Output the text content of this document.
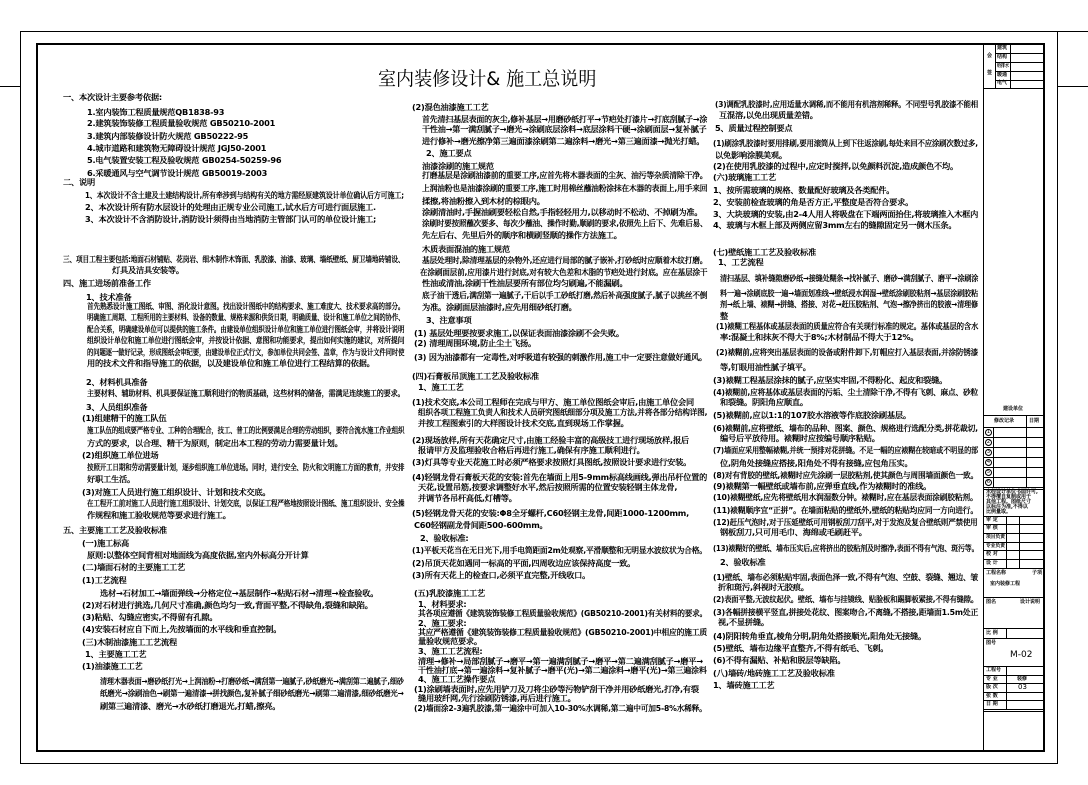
室内装修设计& 施工总说明
一、本次设计主要参考依据:
1.室内装饰工程质量规范QB1838-93
2.建筑装饰装修工程质量验收规范 GB50210-2001
3.建筑内部装修设计防火规范 GB50222-95
4.城市道路和建筑物无障碍设计规范 JGJ50-2001
5.电气装置安装工程及验收规范 GB0254-50259-96
6.采暖通风与空气调节设计规范 GB50019-2003
二、说明
1、本次设计不含土建及土建结构设计,所有牵涉到与结构有关的地方需经原建筑设计单位确认后方可施工;
2、本次设计所有防水层设计的处理由正规专业公司施工,试水后方可进行面层施工.
3、本次设计不含消防设计,消防设计须得由当地消防主管部门认可的单位设计施工;
三、项目工程主要包括:地面石材铺贴、花岗岩、细木制作木饰面、乳胶漆、油漆、玻璃、墙纸壁纸、厨卫墙地砖铺设、
灯具及洁具安装等。
四、施工进场前准备工作
1、技术准备
首先熟悉设计施工图纸、审图、消化设计意图。找出设计图纸中的结构要求、施工难度大、技术要求高的部分。
明确施工周期、工程所用的主要材料、设备的数量、规格来源和供货日期，明确质量、设计和施工单位之间的协作、
配合关系，明确建设单位可以提供的施工条件。由建设单位组织设计单位和施工单位进行图纸会审，并将设计说明
组织设计单位和施工单位进行图纸会审，并按设计依据、意图和功能要求，提出如何实施的建议，对所提问
的问题逐一做好记录，形成图纸会审纪要，由建设单位正式行文，参加单位共同会签、盖章，作为与设计文件同时使
用的技术文件和指导施工的依据，以及建设单位和施工单位进行工程结算的依据。
2、材料机具准备
主要材料、辅助材料、机具要保证施工顺利进行的物质基础，这些材料的储备，需满足连续施工的要求。
3、人员组织准备
(1)组建精干的施工队伍
施工队伍的组成要严格专业、工种的合理配合，技工、普工的比例要满足合理的劳动组织，要符合流水施工作业组织
方式的要求，以合理、精干为原则，制定出本工程的劳动力需要量计划。
(2)组织施工单位进场
按照开工日期和劳动需要量计划，逐步组织施工单位进场。同时，进行安全、防火和文明施工方面的教育，并安排
好职工生活。
(3)对施工人员进行施工组织设计、计划和技术交底。
在工程开工前对施工人员进行施工组织设计、计划交底，以保证工程严格地按照设计图纸、施工组织设计、安全操
作规程和施工验收规范等要求进行施工。
五、主要施工工艺及验收标准
(一)施工标高
原则:以整体空间背相对地面线为高度依据,室内外标高分开计算
(二)墙面石材的主要施工工艺
(1)工艺流程
选材→石材加工→墙面弹线→分格定位→基层制作→粘贴石材→清理→检查验收。
(2)对石材进行挑选,几何尺寸准确,颜色均匀一致,背面平整,不得缺角,裂缝和缺陷。
(3)粘贴、勾缝应密实,不得留有孔隙。
(4)安装石材应自下而上,先按墙面的水平线和垂直控制。
(三)木制油漆施工工艺流程
1、主要施工工艺
(1)油漆施工工艺
清理木器表面→磨砂纸打光→上润油粉→打磨砂纸→满刮第一遍腻子,砂纸磨光→满刮第二遍腻子,细砂
纸磨光→涂刷油色→刷第一遍清漆→拼找颜色,复补腻子细砂纸磨光→刷第二遍清漆,细砂纸磨光→
刷第三遍清漆、磨光→水砂纸打磨退光,打蜡,擦亮。
(2)混色油漆施工工艺
首先清扫基层表面的灰尘,修补基层→用磨砂纸打平→节疤处打漆片→打底刮腻子→涂
干性油→第一满刮腻子→磨光→涂刷底层涂料→底层涂料干硬→涂刷面层→复补腻子
进行修补→磨光擦净第三遍面漆涂刷第二遍涂料→磨光→第三遍面漆→抛光打蜡。
2、施工要点
油漆涂刷的施工规范
打磨基层是涂刷油漆前的重要工序,应首先将木器表面的尘灰、油污等杂质清除干净。
上润油粉也是油漆涂刷的重要工序,施工时用棉丝蘸油粉涂抹在木器的表面上,用手来回
揉擦,将油粉擦入到木材的棕眼内。
涂刷清油时,手握油刷要轻松自然,手指轻轻用力,以移动时不松动、不掉刷为准。
涂刷时要按照蘸次要多、每次少蘸油、操作时勤,顺刷的要求,依照先上后下、先难后易、
先左后右、先里后外的顺序和横刷竖顺的操作方法施工。
木质表面混油的施工规范
基层处理时,除清理基层的杂物外,还应进行局部的腻子嵌补,打砂纸时应顺着木纹打磨。
在涂刷面层前,应用漆片进行封底,对有较大色差和木脂的节疤处进行封底。应在基层涂干
性油或清油,涂刷干性油层要所有部位均匀刷遍,不能漏刷。
底子油干透后,满刮第一遍腻子,干后以手工砂纸打磨,然后补高强度腻子,腻子以挑丝不倒
为准。涂刷面层油漆时,应先用细砂纸打磨。
3、注意事项
(1) 基层处理要按要求施工,以保证表面油漆涂刷不会失败。
(2) 清理周围环境,防止尘土飞扬。
(3) 因为油漆都有一定毒性,对呼吸道有较强的刺激作用,施工中一定要注意做好通风。
(四)石膏板吊顶施工工艺及验收标准
1、施工工艺
(1)技术交底,本公司工程师在完成与甲方、施工单位图纸会审后,由施工单位会同
组织各项工程施工负责人和技术人员研究图纸细部分项及施工方法,并将各部分结构详图,
并按工程图索引的大样图设计技术交底,直到现场工作掌握。
(2)现场放样,所有天花确定尺寸,由施工经验丰富的高级技工进行现场放样,报后
报请甲方及监理验收合格后再进行施工,确保有序施工顺利进行。
(3)灯具等专业天花施工时必须严格要求按照灯具图纸,按照设计要求进行安装。
(4)轻钢龙骨石膏板天花的安装:首先在墙面上用5-9mm标高线画线,弹出吊杆位置的
天花,设置吊筋,按要求调整好水平,然后按照所需的位置安装轻钢主体龙骨,
并调节各吊杆高低,灯槽等。
(5)轻钢龙骨天花的安装:Φ8全牙螺杆,C60轻钢主龙骨,间距1000-1200mm,
C60轻钢副龙骨间距500-600mm。
2、验收标准:
(1)平板天花当在无日光下,用手电筒距面2m处观察,平滑顺整和无明显水波纹状为合格。
(2)吊顶天花如遇同一标高的平面,四周收边应该保持高度一致。
(3)所有天花上的检查口,必须平直完整,开线收口。
(五)乳胶漆施工工艺
1、材料要求:
其各项应遵循《建筑装饰装修工程质量验收规范》(GB50210-2001)有关材料的要求。
2、施工要求:
其应严格遵循《建筑装饰装修工程质量验收规范》(GB50210-2001)中相应的施工质
量验收规范要求。
3、施工工艺流程:
清理→修补→局部刮腻子→磨平→第一遍满刮腻子→磨平→第二遍满刮腻子→磨平→
干性油打底→第一遍涂料→复补腻子→磨平(光)→第二遍涂料→磨平(光)→第三遍涂料
4、施工工艺操作要点
(1)涂刷墙表面时,应先用铲刀及刀将尘砂等污物铲刮干净并用砂纸磨光,打净,有裂
缝用玻纤网,先行涂刷防锈漆,再后进行施工。
(2)墙面涂2-3遍乳胶漆,第一遍涂中可加入10-30%水调稀,第二遍中可加5-8%水稀释。
(3)调配乳胶漆时,应用适量水调稀,而不能用有机溶剂稀释。不同型号乳胶漆不能相
互混溶,以免出现质量差错。
5、质量过程控制要点
(1)刷涂乳胶漆时要用排刷,要用滚筒从上到下往返涂刷,每处来回不应涂刷次数过多,
以免影响涂膜美观。
(2)在使用乳胶漆的过程中,应定时搅拌,以免颜料沉淀,造成颜色不均。
(六)玻璃施工工艺
1、按所需玻璃的规格、数量配好玻璃及各类配件。
2、安装前检查玻璃的角是否方正,平整度是否符合要求。
3、大块玻璃的安装,由2-4人用人将吸盘在下端两面抬住,将玻璃推入木框内
4、玻璃与木框上部及两侧应留3mm左右的缝隙固定另一侧木压条。
(七)壁纸施工工艺及验收标准
1、工艺流程
清扫基层、填补缝隙磨砂纸→接缝处糊条→找补腻子、磨砂→满刮腻子、磨平→涂刷涂
料一遍→涂刷底胶一遍→墙面划准线→壁纸浸水润湿→壁纸涂刷胶粘剂→基层涂刷胶粘
剂→纸上墙、裱糊→拼缝、搭接、对花→赶压胶粘剂、气泡→擦净挤出的胶液→清理修
整
(1)裱糊工程基体或基层表面的质量应符合有关现行标准的规定。基体或基层的含水
率:混凝土和抹灰不得大于8%;木材制品不得大于12%。
(2)裱糊前,应将突出基层表面的设备或附件卸下,钉帽应打入基层表面,并涂防锈漆
等,钉眼用油性腻子填平。
(3)裱糊工程基层涂抹的腻子,应坚实牢固,不得粉化、起皮和裂缝。
(4)裱糊前,应将基体或基层表面的污垢、尘土清除干净,不得有飞刺、麻点、砂粒
和裂缝。阴阳角应顺直。
(5)裱糊前,应以1:1的107胶水溶液等作底胶涂刷基层。
(6)裱糊前,应将壁纸、墙布的品种、图案、颜色、规格进行选配分类,拼花裁切,
编号后平放待用。裱糊时应按编号顺序粘贴。
(7)墙面应采用整幅裱糊,并统一预排对花拼缝。不足一幅的应裱糊在较暗或不明显的部
位,阴角处接缝应搭接,阳角处不得有接缝,应包角压实。
(8)对有背胶的壁纸,裱糊时应先涂刷一层胶粘剂,使其颜色与周围墙面颜色一致。
(9)裱糊第一幅壁纸或墙布前,应弹垂直线,作为裱糊时的准线。
(10)裱糊壁纸,应先将壁纸用水润湿数分钟。裱糊时,应在基层表面涂刷胶粘剂。
(11)裱糊顺序宜“正拼”。在墙面粘贴的壁纸外,壁纸的粘贴均应同一方向进行。
(12)赶压气泡时,对于压延壁纸可用钢板刮刀刮平,对于发泡及复合壁纸则严禁使用
钢板刮刀,只可用毛巾、海绵或毛刷赶平。
(13)裱糊好的壁纸、墙布压实后,应将挤出的胶粘剂及时擦净,表面不得有气泡、斑污等。
2、验收标准
(1)壁纸、墙布必须粘贴牢固,表面色泽一致,不得有气泡、空鼓、裂缝、翘边、皱
折和斑污,斜视时无胶痕。
(2)表面平整,无波纹起伏。壁纸、墙布与挂镜线、贴脸板和踢脚板紧接,不得有缝隙。
(3)各幅拼接横平竖直,拼接处花纹、图案吻合,不离缝,不搭接,距墙面1.5m处正
视,不显拼缝。
(4)阴阳转角垂直,棱角分明,阴角处搭接顺光,阳角处无接缝。
(5)壁纸、墙布边缘平直整齐,不得有纸毛、飞刺。
(6)不得有漏贴、补贴和脱层等缺陷。
(八)墙砖/地砖施工工艺及验收标准
1、墙砖施工工艺
会
签
建筑
结构
给排水
暖通
电气
建设单位
修改记录	日期
1
2
3
4
5
6
未经设计单位书面许可,
不得擅自复制或用于
其他工程。图纸尺寸
以标注为准,不得以
比例量取。
审 定
审 核
项目负责
专业负责
校 对
设 计
工程名称	子项
室内装修工程
图名	设计说明
比 例
图号
M-02
工程号
专 业	装修
版 次	03
张 数
日 期
